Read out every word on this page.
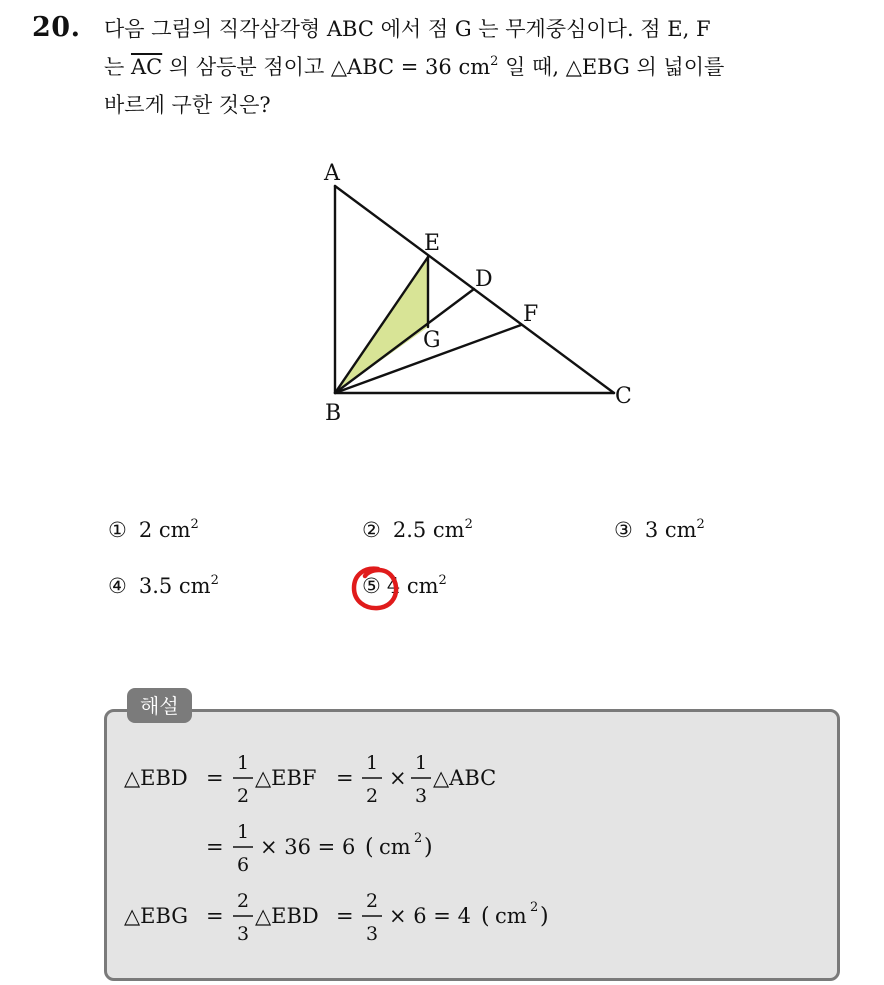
20. 다음 그림의 직각삼각형 ABC 에서 점 G 는 무게중심이다. 점 E, F
는 $\overline{AC}$ 의 삼등분 점이고 △ABC = 36 $cm^2$ 일 때, △EBG 의 넓이를
바르게 구한 것은?
A
B
C
D
E
F
G
① 2 $cm^2$	② 2.5 $cm^2$	③ 3 $cm^2$
④ 3.5 $cm^2$	⑤ 4 $cm^2$
해설
△EBD =
1
2
△EBF =
1
2
×
1
3
△ABC
=
1
6
× 36 = 6 ( cm 2 )
△EBG =
2
3
△EBD =
2
3
× 6 = 4 ( cm 2 )
